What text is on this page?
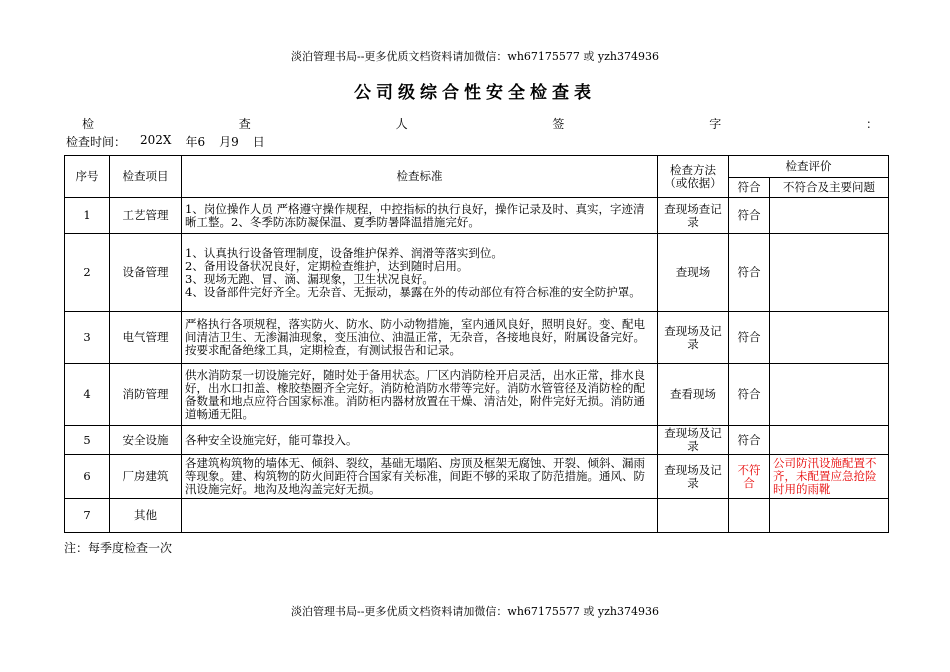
淡泊管理书局--更多优质文档资料请加微信：wh67175577 或 yzh374936
公司级综合性安全检查表
检	查	人	签	字	：
检查时间： 202X 年6 月9 日
序号	检查项目	检查标准	检查方法（或依据）	检查评价	
				符合	不符合及主要问题
1	工艺管理	1、岗位操作人员 严格遵守操作规程，中控指标的执行良好，操作记录及时、真实，字迹清晰工整。2、冬季防冻防凝保温、夏季防暑降温措施完好。	查现场查记录	符合	
2	设备管理	1、认真执行设备管理制度，设备维护保养、润滑等落实到位。
2、备用设备状况良好，定期检查维护，达到随时启用。
3、现场无跑、冒、滴、漏现象，卫生状况良好。
4、设备部件完好齐全。无杂音、无振动，暴露在外的传动部位有符合标准的安全防护罩。	查现场	符合	
3	电气管理	严格执行各项规程，落实防火、防水、防小动物措施，室内通风良好，照明良好。变、配电间清洁卫生、无渗漏油现象，变压油位、油温正常，无杂音，各接地良好，附属设备完好。按要求配备绝缘工具，定期检查，有测试报告和记录。	查现场及记录	符合	
4	消防管理	供水消防泵一切设施完好，随时处于备用状态。厂区内消防栓开启灵活，出水正常，排水良好，出水口扣盖、橡胶垫圈齐全完好。消防枪消防水带等完好。消防水管管径及消防栓的配备数量和地点应符合国家标准。消防柜内器材放置在干燥、清洁处，附件完好无损。消防通道畅通无阻。	查看现场	符合	
5	安全设施	各种安全设施完好，能可靠投入。	查现场及记录	符合	
6	厂房建筑	各建筑构筑物的墙体无、倾斜、裂纹，基础无塌陷、房顶及框架无腐蚀、开裂、倾斜、漏雨等现象。建、构筑物的防火间距符合国家有关标准，间距不够的采取了防范措施。通风、防汛设施完好。地沟及地沟盖完好无损。	查现场及记录	不符合	公司防汛设施配置不齐，未配置应急抢险时用的雨靴
7	其他	

注：每季度检查一次
淡泊管理书局--更多优质文档资料请加微信：wh67175577 或 yzh374936
